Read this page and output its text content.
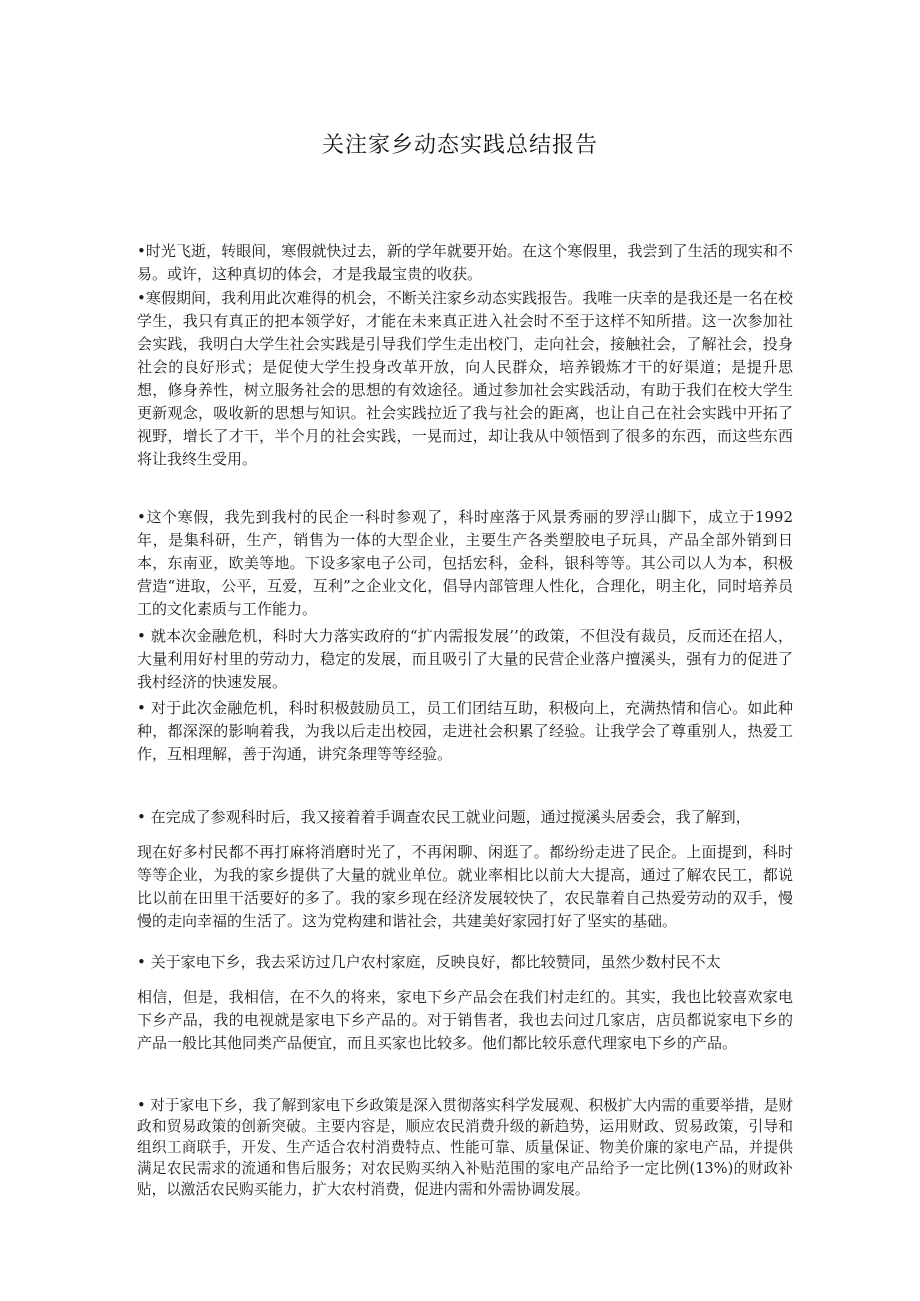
关注家乡动态实践总结报告

•时光飞逝，转眼间，寒假就快过去，新的学年就要开始。在这个寒假里，我尝到了生活的现实和不易。或许，这种真切的体会，才是我最宝贵的收获。

•寒假期间，我利用此次难得的机会，不断关注家乡动态实践报告。我唯一庆幸的是我还是一名在校学生，我只有真正的把本领学好，才能在未来真正进入社会时不至于这样不知所措。这一次参加社会实践，我明白大学生社会实践是引导我们学生走出校门，走向社会，接触社会，了解社会，投身社会的良好形式；是促使大学生投身改革开放，向人民群众，培养锻炼才干的好渠道；是提升思想，修身养性，树立服务社会的思想的有效途径。通过参加社会实践活动，有助于我们在校大学生更新观念，吸收新的思想与知识。社会实践拉近了我与社会的距离，也让自己在社会实践中开拓了视野，增长了才干，半个月的社会实践，一晃而过，却让我从中领悟到了很多的东西，而这些东西将让我终生受用。

•这个寒假，我先到我村的民企一科时参观了，科时座落于风景秀丽的罗浮山脚下，成立于1992年，是集科研，生产，销售为一体的大型企业，主要生产各类塑胶电子玩具，产品全部外销到日本，东南亚，欧美等地。下设多家电子公司，包括宏科，金科，银科等等。其公司以人为本，积极营造“进取，公平，互爱，互利”之企业文化，倡导内部管理人性化，合理化，明主化，同时培养员工的文化素质与工作能力。

• 就本次金融危机，科时大力落实政府的“扩内需报发展’’的政策，不但没有裁员，反而还在招人，大量利用好村里的劳动力，稳定的发展，而且吸引了大量的民营企业落户擅溪头，强有力的促进了我村经济的快速发展。

• 对于此次金融危机，科时积极鼓励员工，员工们团结互助，积极向上，充满热情和信心。如此种种，都深深的影响着我，为我以后走出校园，走进社会积累了经验。让我学会了尊重别人，热爱工作，互相理解，善于沟通，讲究条理等等经验。

• 在完成了参观科时后，我又接着着手调查农民工就业问题，通过搅溪头居委会，我了解到，

现在好多村民都不再打麻将消磨时光了，不再闲聊、闲逛了。都纷纷走进了民企。上面提到，科时等等企业，为我的家乡提供了大量的就业单位。就业率相比以前大大提高，通过了解农民工，都说比以前在田里干活要好的多了。我的家乡现在经济发展较快了，农民靠着自己热爱劳动的双手，慢慢的走向幸福的生活了。这为党构建和谐社会，共建美好家园打好了坚实的基础。

• 关于家电下乡，我去采访过几户农村家庭，反映良好，都比较赞同，虽然少数村民不太

相信，但是，我相信，在不久的将来，家电下乡产品会在我们村走红的。其实，我也比较喜欢家电下乡产品，我的电视就是家电下乡产品的。对于销售者，我也去问过几家店，店员都说家电下乡的产品一般比其他同类产品便宜，而且买家也比较多。他们都比较乐意代理家电下乡的产品。

• 对于家电下乡，我了解到家电下乡政策是深入贯彻落实科学发展观、积极扩大内需的重要举措，是财政和贸易政策的创新突破。主要内容是，顺应农民消费升级的新趋势，运用财政、贸易政策，引导和组织工商联手，开发、生产适合农村消费特点、性能可靠、质量保证、物美价廉的家电产品，并提供满足农民需求的流通和售后服务；对农民购买纳入补贴范围的家电产品给予一定比例(13%)的财政补贴，以激活农民购买能力，扩大农村消费，促进内需和外需协调发展。
